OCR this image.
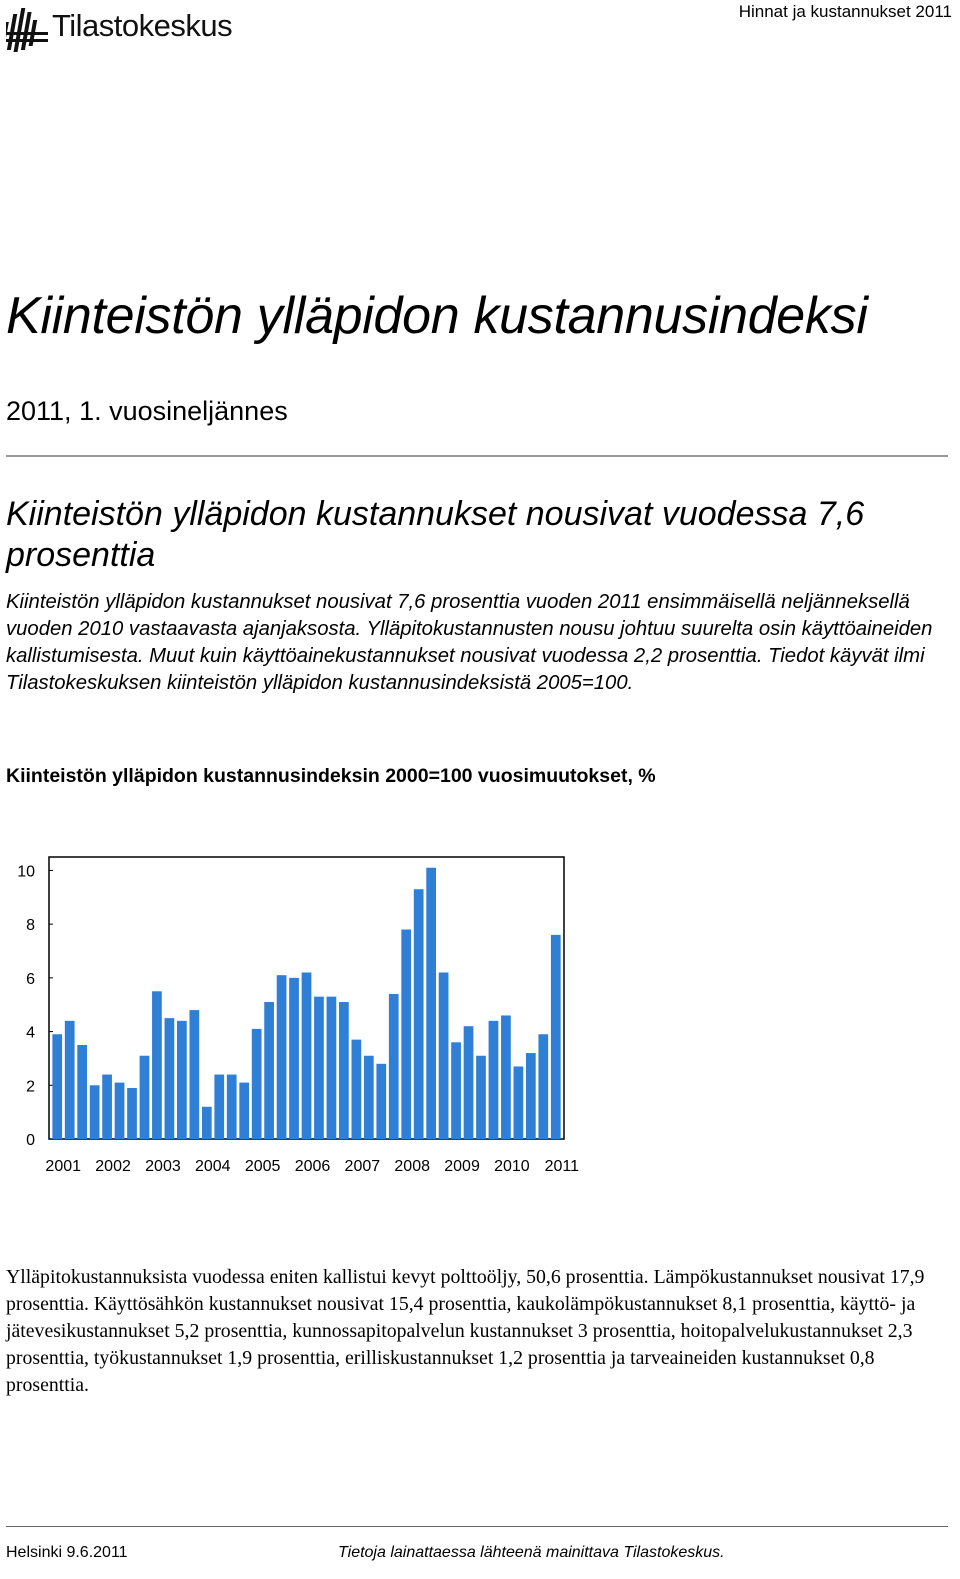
Tilastokeskus	Hinnat ja kustannukset 2011
Kiinteistön ylläpidon kustannusindeksi
2011, 1. vuosineljännes
Kiinteistön ylläpidon kustannukset nousivat vuodessa 7,6 prosenttia
Kiinteistön ylläpidon kustannukset nousivat 7,6 prosenttia vuoden 2011 ensimmäisellä neljänneksellä vuoden 2010 vastaavasta ajanjaksosta. Ylläpitokustannusten nousu johtuu suurelta osin käyttöaineiden kallistumisesta. Muut kuin käyttöainekustannukset nousivat vuodessa 2,2 prosenttia. Tiedot käyvät ilmi Tilastokeskuksen kiinteistön ylläpidon kustannusindeksistä 2005=100.
Kiinteistön ylläpidon kustannusindeksin 2000=100 vuosimuutokset, %
0
2
4
6
8
10
2001 2002 2003 2004 2005 2006 2007 2008 2009 2010 2011
Ylläpitokustannuksista vuodessa eniten kallistui kevyt polttoöljy, 50,6 prosenttia. Lämpökustannukset nousivat 17,9 prosenttia. Käyttösähkön kustannukset nousivat 15,4 prosenttia, kaukolämpökustannukset 8,1 prosenttia, käyttö- ja jätevesikustannukset 5,2 prosenttia, kunnossapitopalvelun kustannukset 3 prosenttia, hoitopalvelukustannukset 2,3 prosenttia, työkustannukset 1,9 prosenttia, erilliskustannukset 1,2 prosenttia ja tarveaineiden kustannukset 0,8 prosenttia.
Helsinki 9.6.2011	Tietoja lainattaessa lähteenä mainittava Tilastokeskus.
